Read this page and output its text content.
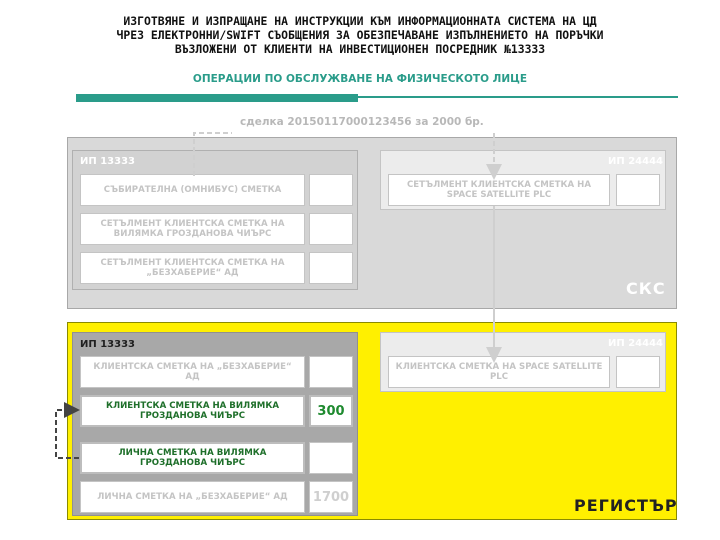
ИЗГОТВЯНЕ И ИЗПРАЩАНЕ НА ИНСТРУКЦИИ КЪМ ИНФОРМАЦИОННАТА СИСТЕМА НА ЦД
ЧРЕЗ ЕЛЕКТРОННИ/SWIFT СЪОБЩЕНИЯ ЗА ОБЕЗПЕЧАВАНЕ ИЗПЪЛНЕНИЕТО НА ПОРЪЧКИ
ВЪЗЛОЖЕНИ ОТ КЛИЕНТИ НА ИНВЕСТИЦИОНЕН ПОСРЕДНИК №13333
ОПЕРАЦИИ ПО ОБСЛУЖВАНЕ НА ФИЗИЧЕСКОТО ЛИЦЕ
сделка 20150117000123456 за 2000 бр.
ИП 13333
СЪБИРАТЕЛНА (ОМНИБУС) СМЕТКА
СЕТЪЛМЕНТ КЛИЕНТСКА СМЕТКА НА ВИЛЯМКА ГРОЗДАНОВА ЧИЪРС
СЕТЪЛМЕНТ КЛИЕНТСКА СМЕТКА НА „БЕЗХАБЕРИЕ“ АД
ИП 24444
СЕТЪЛМЕНТ КЛИЕНТСКА СМЕТКА НА SPACE SATELLITE PLC
СКС
ИП 13333
КЛИЕНТСКА СМЕТКА НА „БЕЗХАБЕРИЕ“ АД
КЛИЕНТСКА СМЕТКА НА ВИЛЯМКА ГРОЗДАНОВА ЧИЪРС	300
ЛИЧНА СМЕТКА НА ВИЛЯМКА ГРОЗДАНОВА ЧИЪРС
ЛИЧНА СМЕТКА НА „БЕЗХАБЕРИЕ“ АД	1700
ИП 24444
КЛИЕНТСКА СМЕТКА НА SPACE SATELLITE PLC
РЕГИСТЪР
